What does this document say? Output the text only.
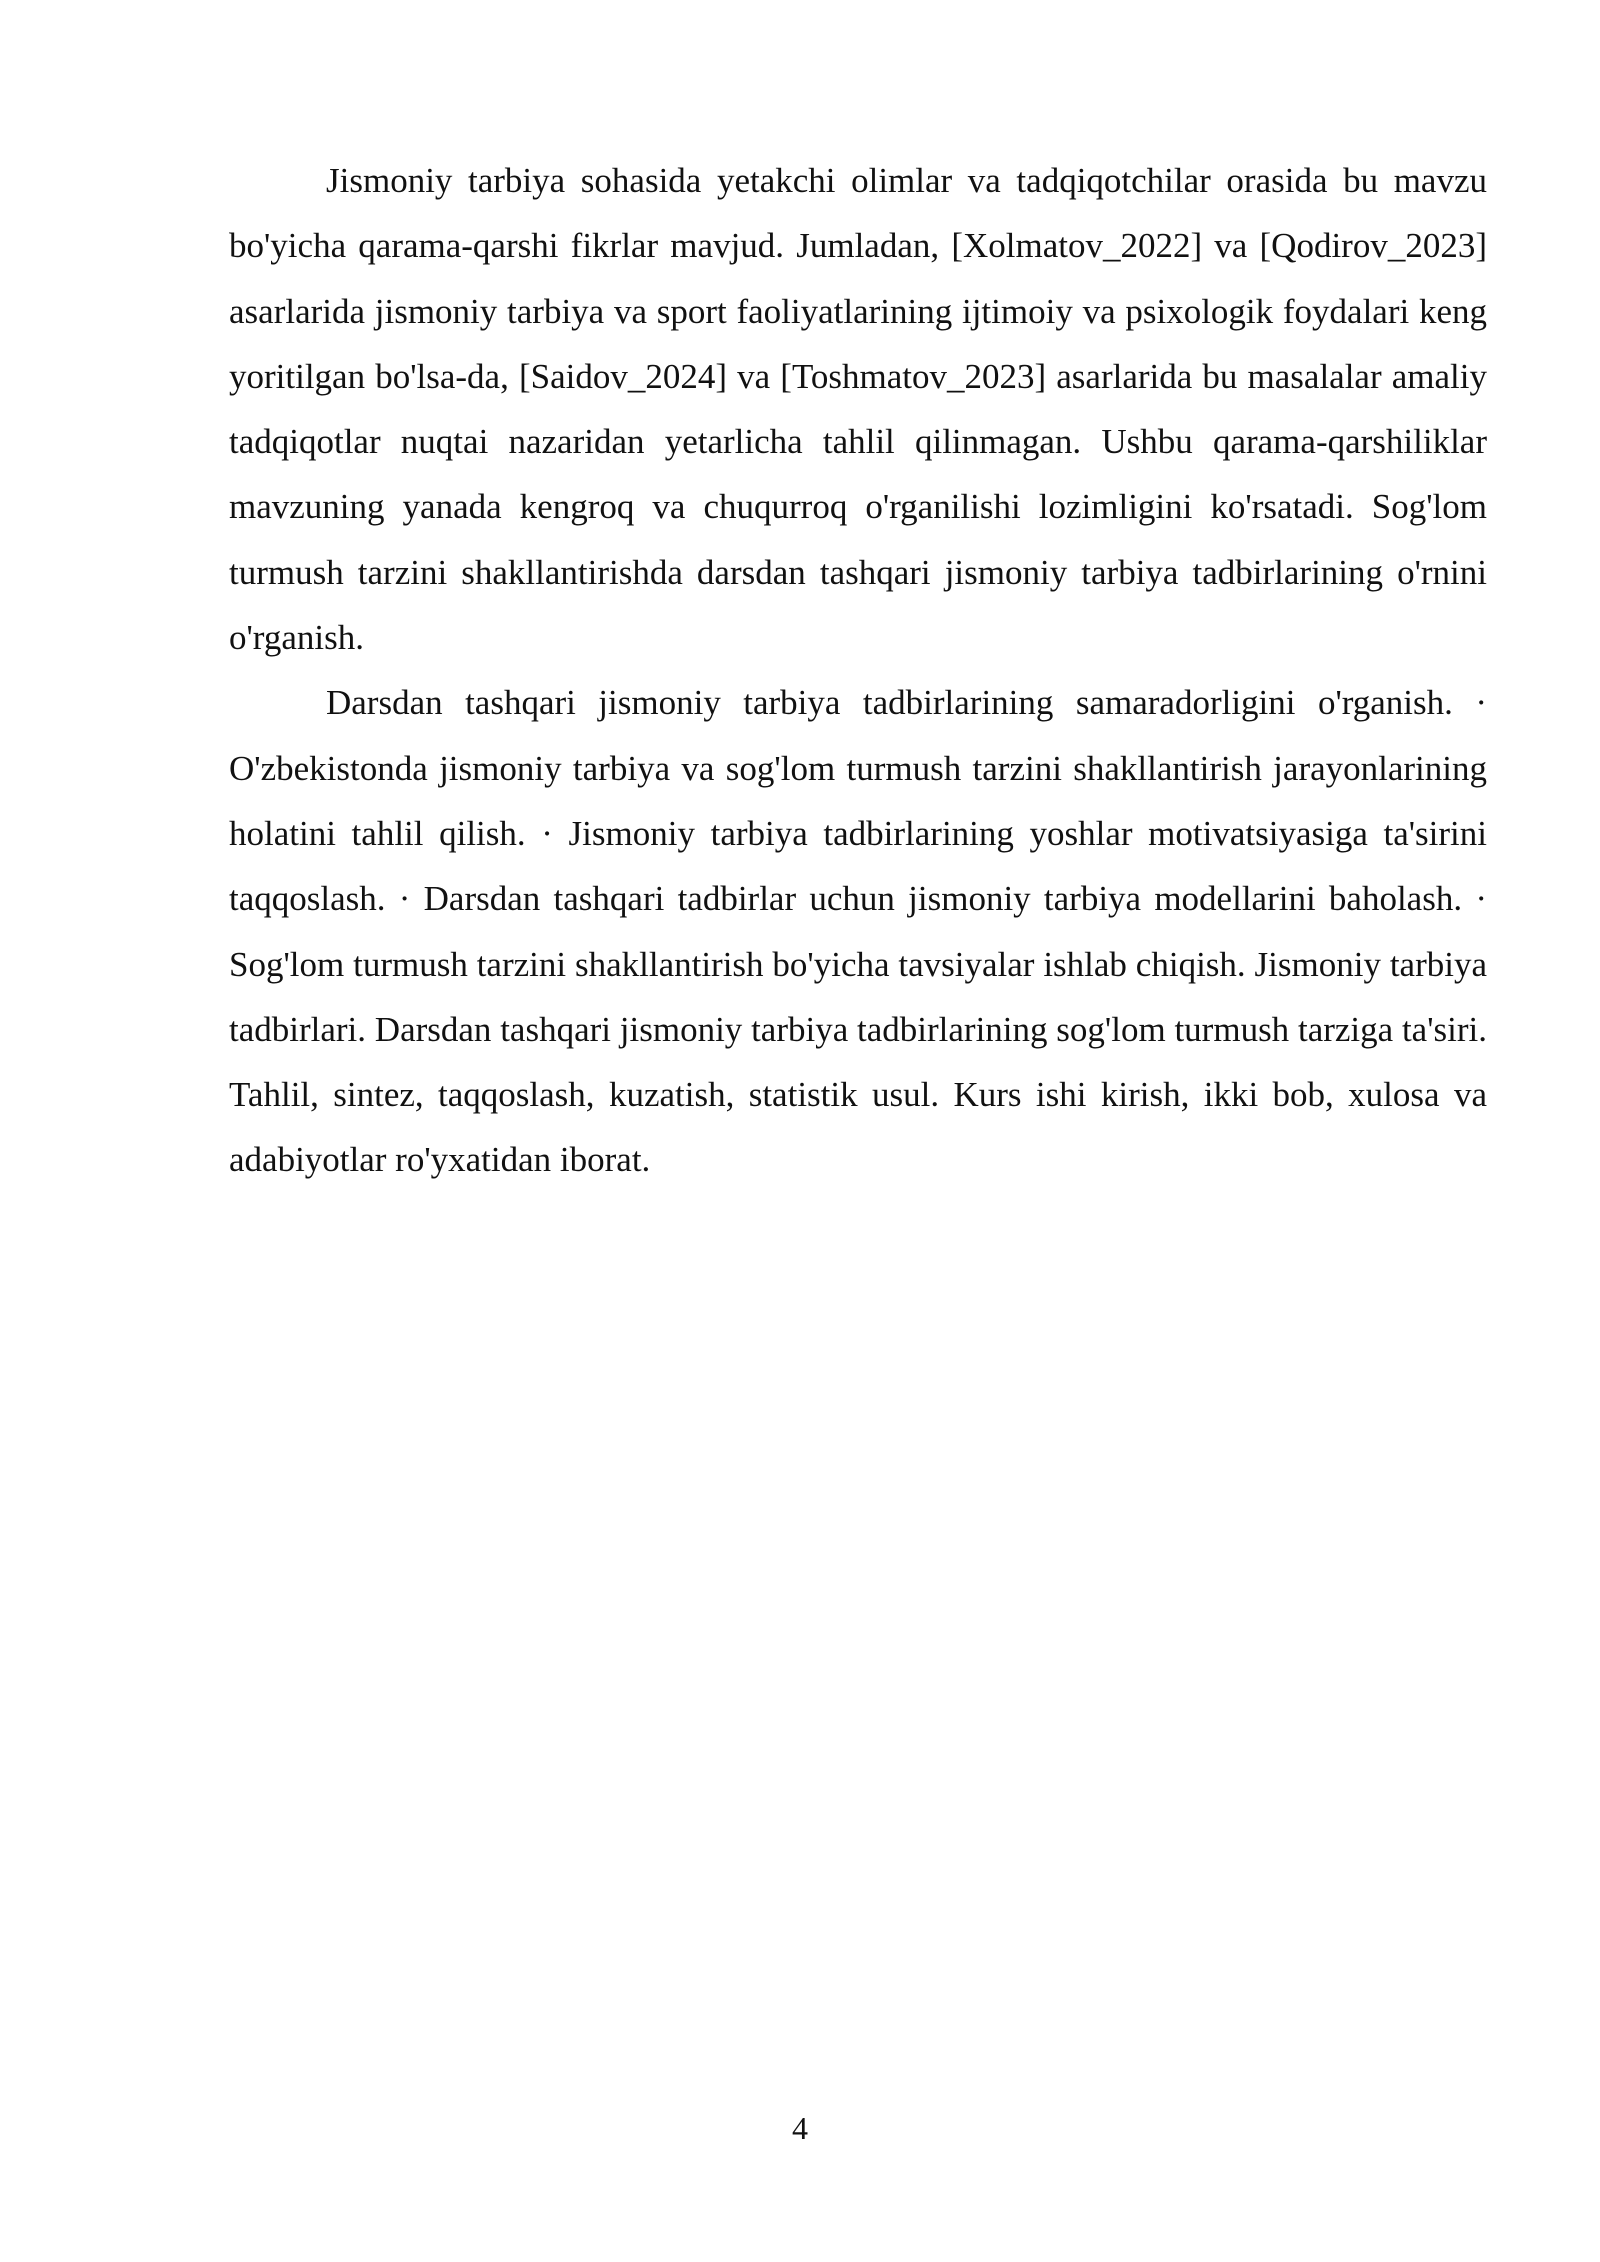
Jismoniy tarbiya sohasida yetakchi olimlar va tadqiqotchilar orasida bu mavzu bo'yicha qarama-qarshi fikrlar mavjud. Jumladan, [Xolmatov_2022] va [Qodirov_2023] asarlarida jismoniy tarbiya va sport faoliyatlarining ijtimoiy va psixologik foydalari keng yoritilgan bo'lsa-da, [Saidov_2024] va [Toshmatov_2023] asarlarida bu masalalar amaliy tadqiqotlar nuqtai nazaridan yetarlicha tahlil qilinmagan. Ushbu qarama-qarshiliklar mavzuning yanada kengroq va chuqurroq o'rganilishi lozimligini ko'rsatadi. Sog'lom turmush tarzini shakllantirishda darsdan tashqari jismoniy tarbiya tadbirlarining o'rnini o'rganish.

Darsdan tashqari jismoniy tarbiya tadbirlarining samaradorligini o'rganish. · O'zbekistonda jismoniy tarbiya va sog'lom turmush tarzini shakllantirish jarayonlarining holatini tahlil qilish. · Jismoniy tarbiya tadbirlarining yoshlar motivatsiyasiga ta'sirini taqqoslash. · Darsdan tashqari tadbirlar uchun jismoniy tarbiya modellarini baholash. · Sog'lom turmush tarzini shakllantirish bo'yicha tavsiyalar ishlab chiqish. Jismoniy tarbiya tadbirlari. Darsdan tashqari jismoniy tarbiya tadbirlarining sog'lom turmush tarziga ta'siri. Tahlil, sintez, taqqoslash, kuzatish, statistik usul. Kurs ishi kirish, ikki bob, xulosa va adabiyotlar ro'yxatidan iborat.

4
